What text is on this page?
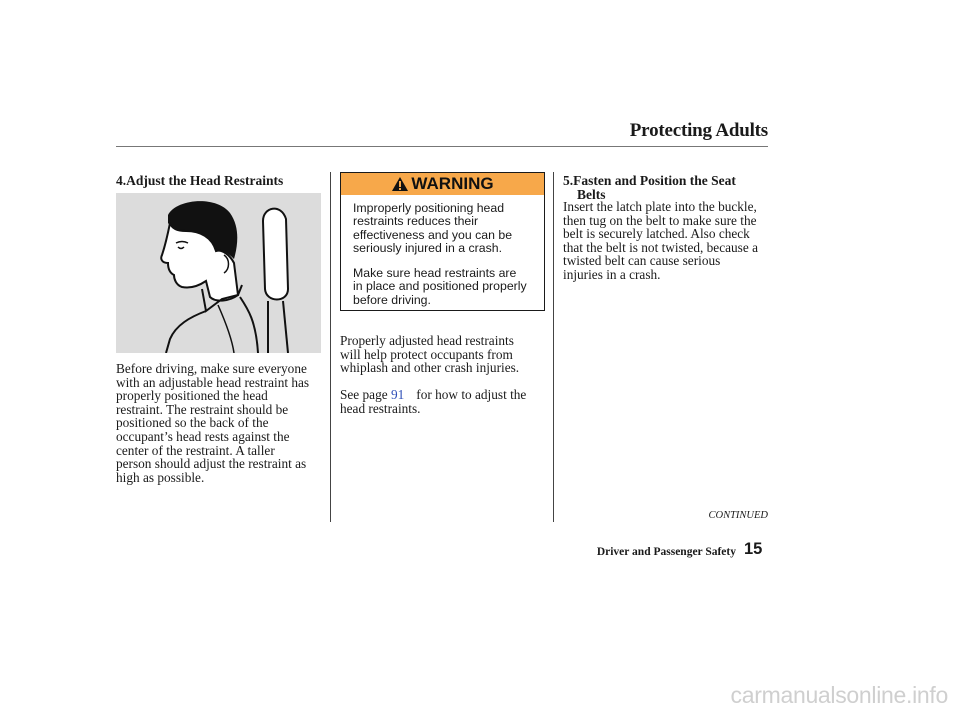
Protecting Adults
4.Adjust the Head Restraints

Before driving, make sure everyone

with an adjustable head restraint has

properly positioned the head

restraint. The restraint should be

positioned so the back of the

occupant’s head rests against the

center of the restraint. A taller

person should adjust the restraint as

high as possible.

WARNING

Improperly positioning head
restraints reduces their
effectiveness and you can be
seriously injured in a crash.

Make sure head restraints are
in place and positioned properly
before driving.

Properly adjusted head restraints

will help protect occupants from

whiplash and other crash injuries.

See page 91 for how to adjust the

head restraints.

5.Fasten and Position the Seat
Belts

Insert the latch plate into the buckle,

then tug on the belt to make sure the

belt is securely latched. Also check

that the belt is not twisted, because a

twisted belt can cause serious

injuries in a crash.

CONTINUED
Driver and Passenger Safety 15
carmanualsonline.info
